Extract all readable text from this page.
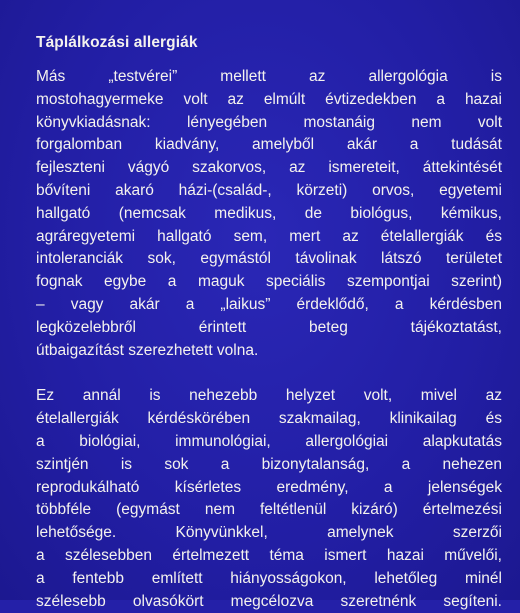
Táplálkozási allergiák
Más „testvérei” mellett az allergológia is
mostohagyermeke volt az elmúlt évtizedekben a hazai
könyvkiadásnak: lényegében mostanáig nem volt
forgalomban kiadvány, amelyből akár a tudását
fejleszteni vágyó szakorvos, az ismereteit, áttekintését
bővíteni akaró házi-(család-, körzeti) orvos, egyetemi
hallgató (nemcsak medikus, de biológus, kémikus,
agráregyetemi hallgató sem, mert az ételallergiák és
intoleranciák sok, egymástól távolinak látszó területet
fognak egybe a maguk speciális szempontjai szerint)
– vagy akár a „laikus” érdeklődő, a kérdésben
legközelebbről érintett beteg tájékoztatást,
útbaigazítást szerezhetett volna.
Ez annál is nehezebb helyzet volt, mivel az
ételallergiák kérdéskörében szakmailag, klinikailag és
a biológiai, immunológiai, allergológiai alapkutatás
szintjén is sok a bizonytalanság, a nehezen
reprodukálható kísérletes eredmény, a jelenségek
többféle (egymást nem feltétlenül kizáró) értelmezési
lehetősége. Könyvünkkel, amelynek szerzői
a szélesebben értelmezett téma ismert hazai művelői,
a fentebb említett hiányosságokon, lehetőleg minél
szélesebb olvasókört megcélozva szeretnénk segíteni.
